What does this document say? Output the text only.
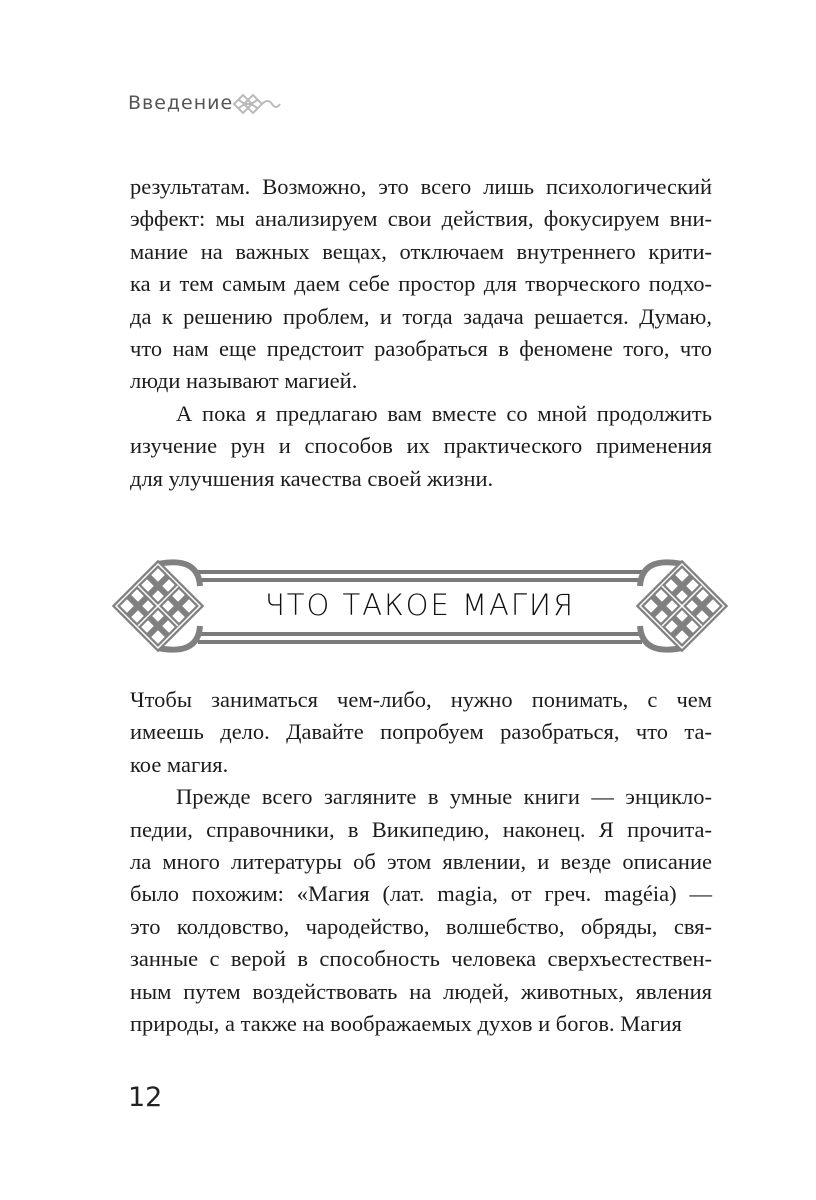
Введение
результатам. Возможно, это всего лишь психологический
эффект: мы анализируем свои действия, фокусируем вни-
мание на важных вещах, отключаем внутреннего крити-
ка и тем самым даем себе простор для творческого подхо-
да к решению проблем, и тогда задача решается. Думаю,
что нам еще предстоит разобраться в феномене того, что
люди называют магией.
А пока я предлагаю вам вместе со мной продолжить
изучение рун и способов их практического применения
для улучшения качества своей жизни.
ЧТО ТАКОЕ МАГИЯ
Чтобы заниматься чем-либо, нужно понимать, с чем
имеешь дело. Давайте попробуем разобраться, что та-
кое магия.
Прежде всего загляните в умные книги — энциклo-
педии, справочники, в Википедию, наконец. Я прочита-
ла много литературы об этом явлении, и везде описание
было похожим: «Магия (лат. magia, от греч. magéia) —
это колдовство, чародейство, волшебство, обряды, свя-
занные с верой в способность человека сверхъестествен-
ным путем воздействовать на людей, животных, явления
природы, а также на воображаемых духов и богов. Магия
12
